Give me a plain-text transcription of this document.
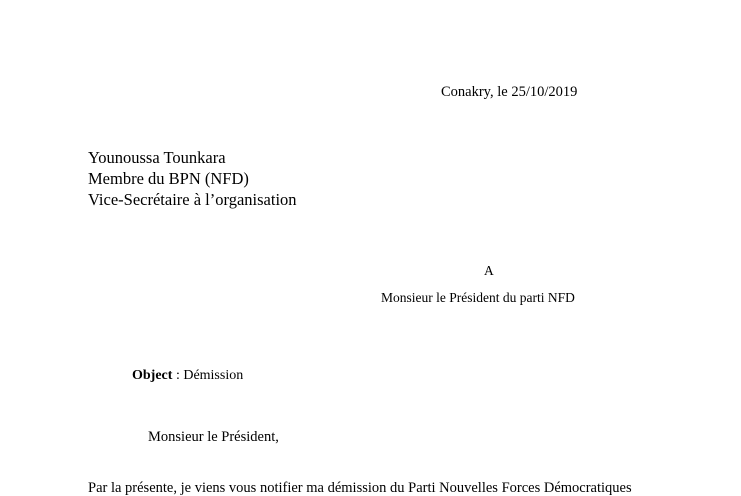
Conakry, le 25/10/2019
Younoussa Tounkara
Membre du BPN (NFD)
Vice-Secrétaire à l’organisation
A
Monsieur le Président du parti NFD
Object : Démission
Monsieur le Président,
Par la présente, je viens vous notifier ma démission du Parti Nouvelles Forces Démocratiques
